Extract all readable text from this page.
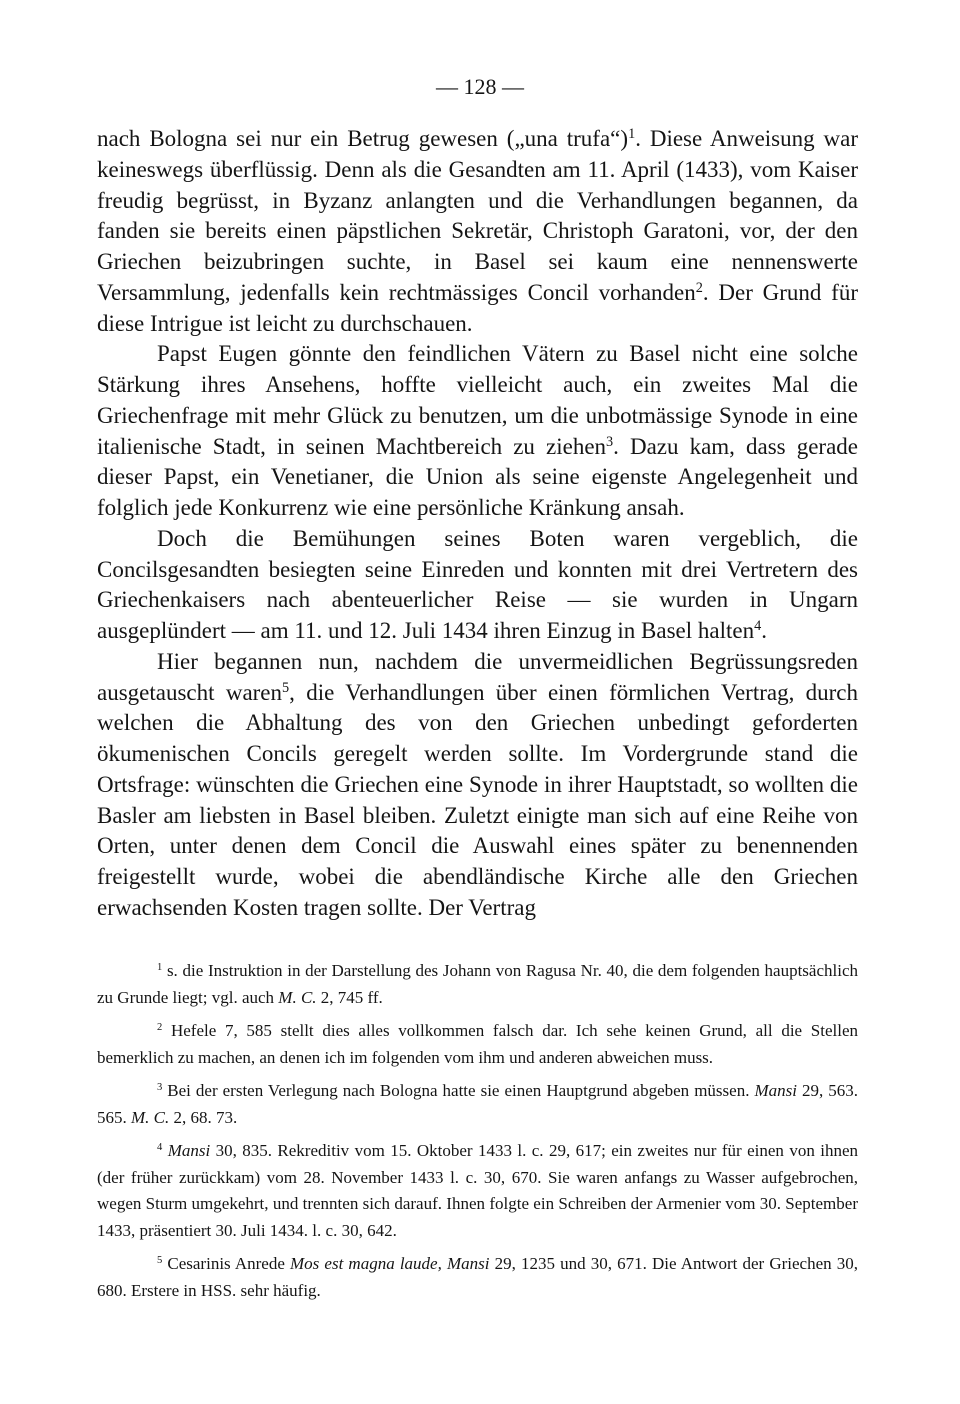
— 128 —

nach Bologna sei nur ein Betrug gewesen („una trufa“)$^1$. Diese Anweisung war keineswegs überflüssig. Denn als die Gesandten am 11. April (1433), vom Kaiser freudig begrüsst, in Byzanz anlangten und die Verhandlungen begannen, da fanden sie bereits einen päpstlichen Sekretär, Christoph Garatoni, vor, der den Griechen beizubringen suchte, in Basel sei kaum eine nennenswerte Versammlung, jedenfalls kein rechtmässiges Concil vorhanden$^2$. Der Grund für diese Intrigue ist leicht zu durchschauen.

Papst Eugen gönnte den feindlichen Vätern zu Basel nicht eine solche Stärkung ihres Ansehens, hoffte vielleicht auch, ein zweites Mal die Griechenfrage mit mehr Glück zu benutzen, um die unbotmässige Synode in eine italienische Stadt, in seinen Machtbereich zu ziehen$^3$. Dazu kam, dass gerade dieser Papst, ein Venetianer, die Union als seine eigenste Angelegenheit und folglich jede Konkurrenz wie eine persönliche Kränkung ansah.

Doch die Bemühungen seines Boten waren vergeblich, die Concilsgesandten besiegten seine Einreden und konnten mit drei Vertretern des Griechenkaisers nach abenteuerlicher Reise — sie wurden in Ungarn ausgeplündert — am 11. und 12. Juli 1434 ihren Einzug in Basel halten$^4$.

Hier begannen nun, nachdem die unvermeidlichen Begrüssungsreden ausgetauscht waren$^5$, die Verhandlungen über einen förmlichen Vertrag, durch welchen die Abhaltung des von den Griechen unbedingt geforderten ökumenischen Concils geregelt werden sollte. Im Vordergrunde stand die Ortsfrage: wünschten die Griechen eine Synode in ihrer Hauptstadt, so wollten die Basler am liebsten in Basel bleiben. Zuletzt einigte man sich auf eine Reihe von Orten, unter denen dem Concil die Auswahl eines später zu benennenden freigestellt wurde, wobei die abendländische Kirche alle den Griechen erwachsenden Kosten tragen sollte. Der Vertrag

$^1$ s. die Instruktion in der Darstellung des Johann von Ragusa Nr. 40, die dem folgenden hauptsächlich zu Grunde liegt; vgl. auch M. C. 2, 745 ff.

$^2$ Hefele 7, 585 stellt dies alles vollkommen falsch dar. Ich sehe keinen Grund, all die Stellen bemerklich zu machen, an denen ich im folgenden vom ihm und anderen abweichen muss.

$^3$ Bei der ersten Verlegung nach Bologna hatte sie einen Hauptgrund abgeben müssen. Mansi 29, 563. 565. M. C. 2, 68. 73.

$^4$ Mansi 30, 835. Rekreditiv vom 15. Oktober 1433 l. c. 29, 617; ein zweites nur für einen von ihnen (der früher zurückkam) vom 28. November 1433 l. c. 30, 670. Sie waren anfangs zu Wasser aufgebrochen, wegen Sturm umgekehrt, und trennten sich darauf. Ihnen folgte ein Schreiben der Armenier vom 30. September 1433, präsentiert 30. Juli 1434. l. c. 30, 642.

$^5$ Cesarinis Anrede Mos est magna laude, Mansi 29, 1235 und 30, 671. Die Antwort der Griechen 30, 680. Erstere in HSS. sehr häufig.
